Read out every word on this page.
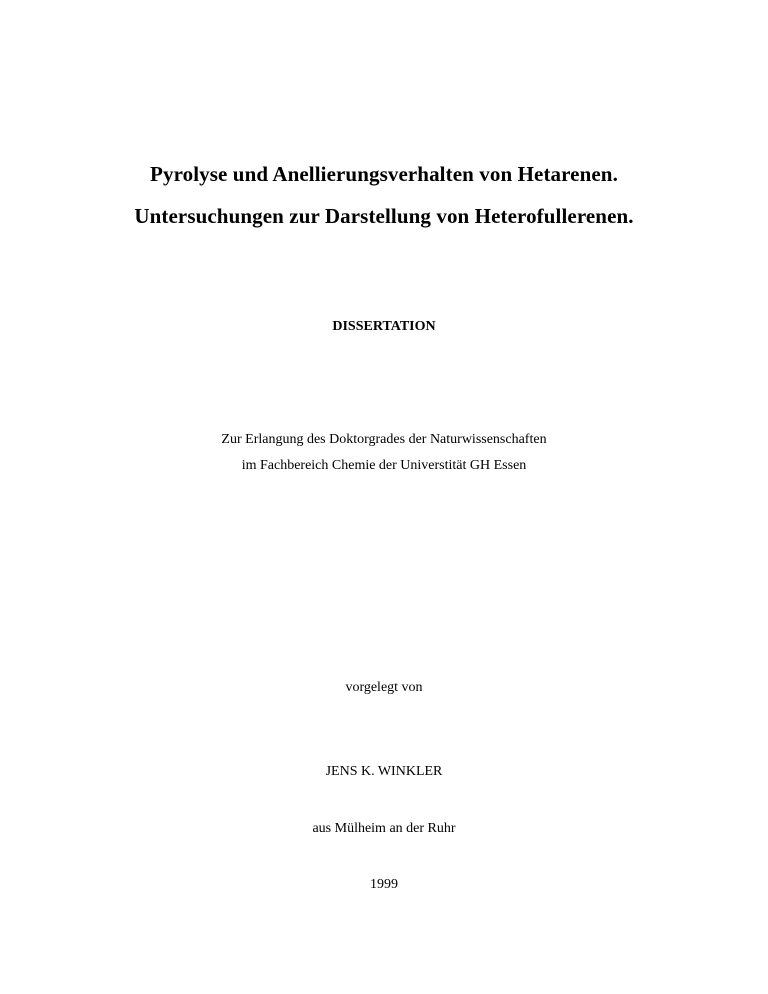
Pyrolyse und Anellierungsverhalten von Hetarenen.
Untersuchungen zur Darstellung von Heterofullerenen.
DISSERTATION
Zur Erlangung des Doktorgrades der Naturwissenschaften
im Fachbereich Chemie der Universtität GH Essen
vorgelegt von
JENS K. WINKLER
aus Mülheim an der Ruhr
1999
